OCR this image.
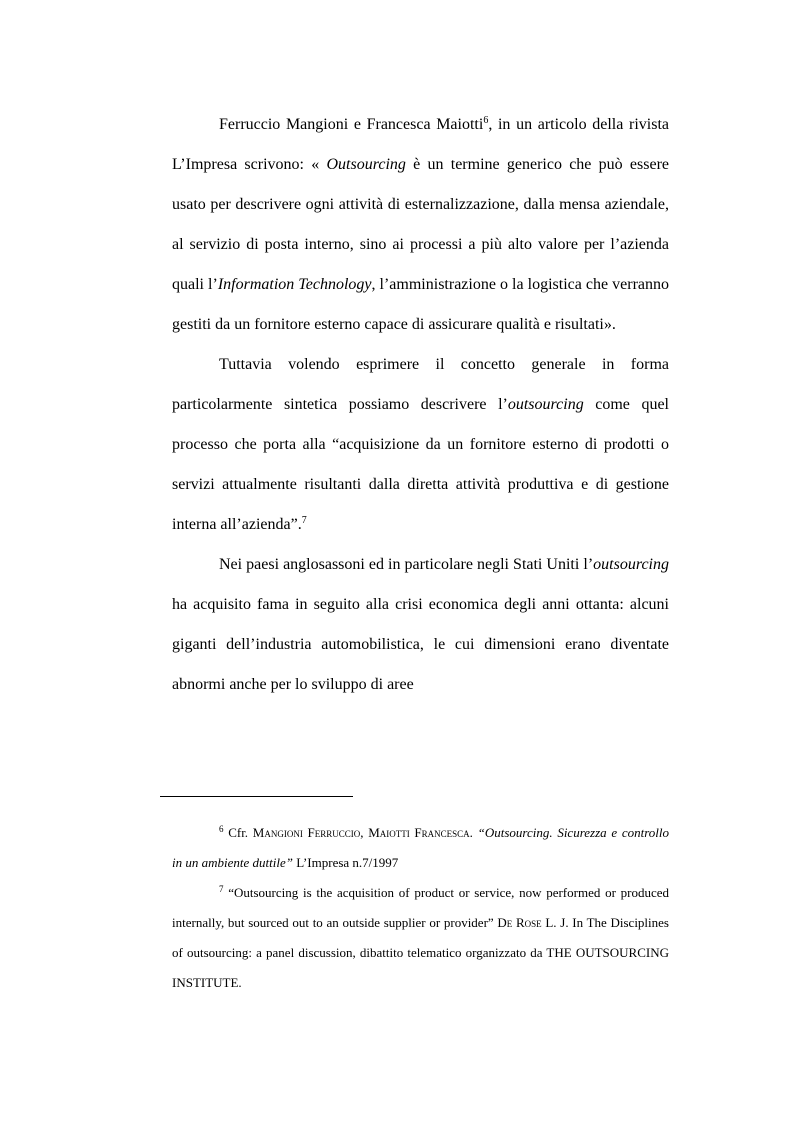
Ferruccio Mangioni e Francesca Maiotti$^6$, in un articolo della rivista L’Impresa scrivono: « Outsourcing è un termine generico che può essere usato per descrivere ogni attività di esternalizzazione, dalla mensa aziendale, al servizio di posta interno, sino ai processi a più alto valore per l’azienda quali l’Information Technology, l’amministrazione o la logistica che verranno gestiti da un fornitore esterno capace di assicurare qualità e risultati».

Tuttavia volendo esprimere il concetto generale in forma particolarmente sintetica possiamo descrivere l’outsourcing come quel processo che porta alla “acquisizione da un fornitore esterno di prodotti o servizi attualmente risultanti dalla diretta attività produttiva e di gestione interna all’azienda”.$^7$

Nei paesi anglosassoni ed in particolare negli Stati Uniti l’outsourcing ha acquisito fama in seguito alla crisi economica degli anni ottanta: alcuni giganti dell’industria automobilistica, le cui dimensioni erano diventate abnormi anche per lo sviluppo di aree

$^6$ Cfr. Mangioni Ferruccio, Maiotti Francesca. “Outsourcing. Sicurezza e controllo in un ambiente duttile” L’Impresa n.7/1997

$^7$ “Outsourcing is the acquisition of product or service, now performed or produced internally, but sourced out to an outside supplier or provider” De Rose L. J. In The Disciplines of outsourcing: a panel discussion, dibattito telematico organizzato da THE OUTSOURCING INSTITUTE.
